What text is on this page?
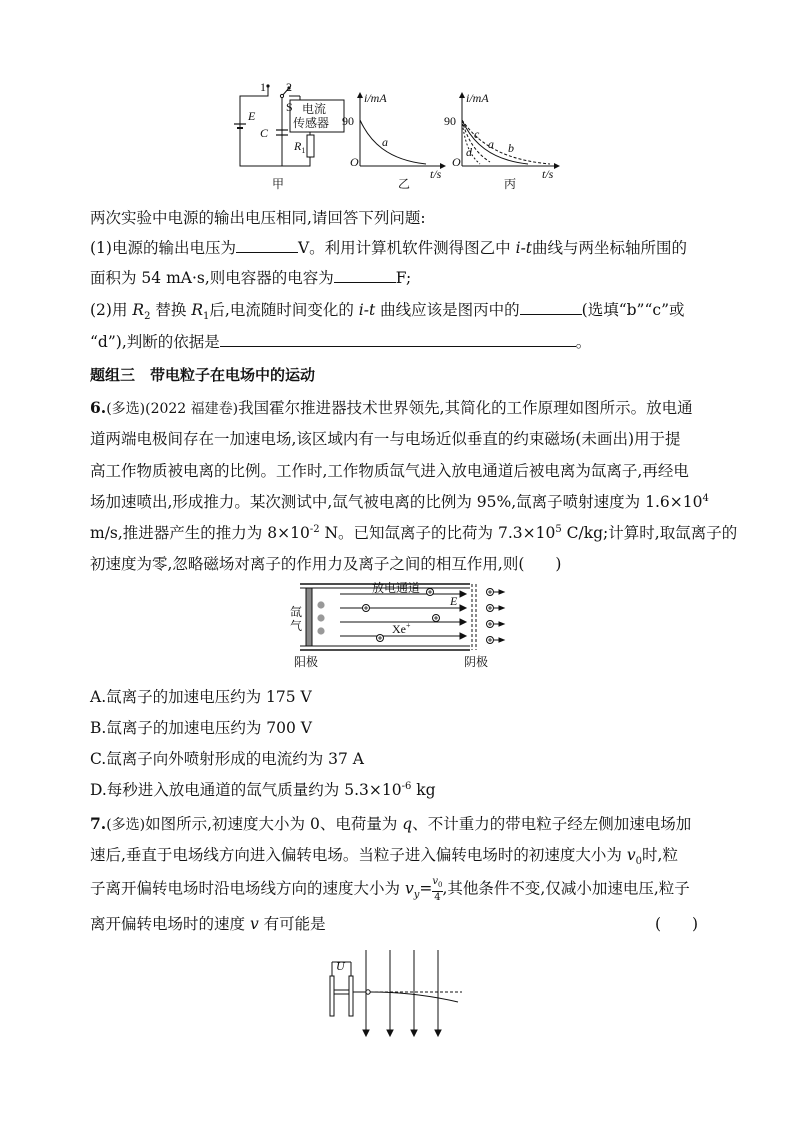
1 2
S
E
C
电流
传感器
$R_1$
甲
i/mA
90
O
t/s
a
乙
i/mA
90
O
t/s
c
a b
d
丙
两次实验中电源的输出电压相同,请回答下列问题:
(1)电源的输出电压为	V。利用计算机软件测得图乙中 i-t曲线与两坐标轴所围的
面积为 54 mA·s,则电容器的电容为	F;
(2)用 $R_2$ 替换 $R_1$后,电流随时间变化的 i-t 曲线应该是图丙中的	(选填“b”“c”或
“d”),判断的依据是	。
题组三　带电粒子在电场中的运动
6.(多选)(2022 福建卷)我国霍尔推进器技术世界领先,其简化的工作原理如图所示。放电通
道两端电极间存在一加速电场,该区域内有一与电场近似垂直的约束磁场(未画出)用于提
高工作物质被电离的比例。工作时,工作物质氙气进入放电通道后被电离为氙离子,再经电
场加速喷出,形成推力。某次测试中,氙气被电离的比例为 95%,氙离子喷射速度为 $1.6\times 10^4$
m/s,推进器产生的推力为 $8\times 10^{-2}$ N。已知氙离子的比荷为 $7.3\times 10^5$ C/kg;计算时,取氙离子的
初速度为零,忽略磁场对离子的作用力及离子之间的相互作用,则(　　)
放电通道
E
Xe+
氙
气
阳极	阴极
A.氙离子的加速电压约为 175 V
B.氙离子的加速电压约为 700 V
C.氙离子向外喷射形成的电流约为 37 A
D.每秒进入放电通道的氙气质量约为 $5.3\times 10^{-6}$ kg
7.(多选)如图所示,初速度大小为 0、电荷量为 q、不计重力的带电粒子经左侧加速电场加
速后,垂直于电场线方向进入偏转电场。当粒子进入偏转电场时的初速度大小为 $v_0$时,粒
子离开偏转电场时沿电场线方向的速度大小为 $v_y= \frac{v_0}{4}$ ,其他条件不变,仅减小加速电压,粒子
离开偏转电场时的速度 v 有可能是	(　　)
U
